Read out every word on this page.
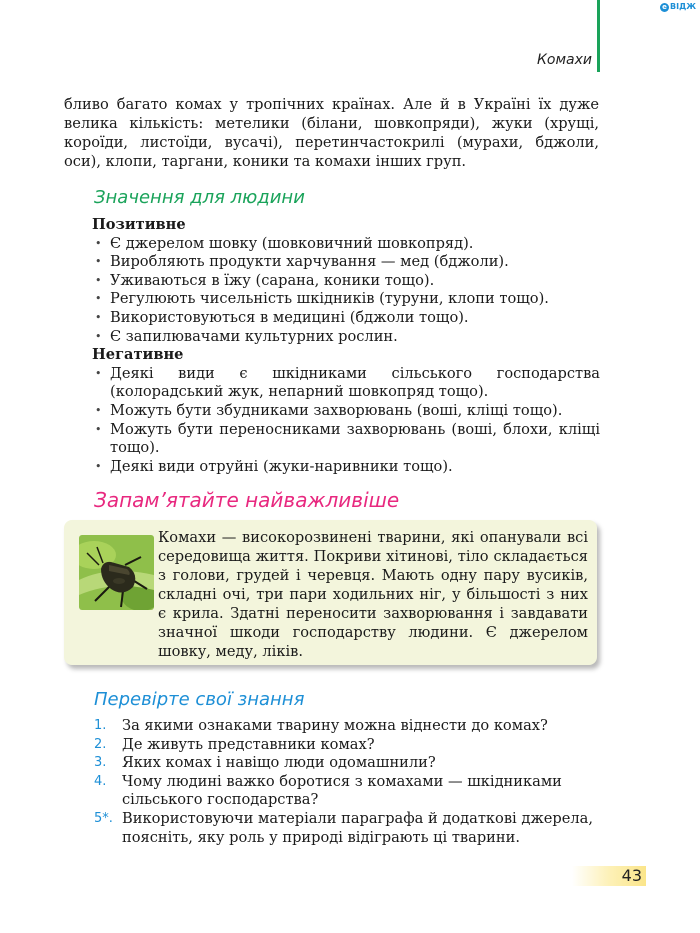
e ВІДЖ
Комахи

бливо багато комах у тропічних країнах. Але й в Україні їх дуже велика кількість: метелики (білани, шовкопряди), жуки (хрущі, короїди, листоїди, вусачі), перетинчастокрилі (мурахи, бджоли, оси), клопи, таргани, коники та комахи інших груп.

Значення для людини
Позитивне
• Є джерелом шовку (шовковичний шовкопряд).
• Виробляють продукти харчування — мед (бджоли).
• Уживаються в їжу (сарана, коники тощо).
• Регулюють чисельність шкідників (туруни, клопи тощо).
• Використовуються в медицині (бджоли тощо).
• Є запилювачами культурних рослин.
Негативне
• Деякі види є шкідниками сільського господарства (колорадський жук, непарний шовкопряд тощо).
• Можуть бути збудниками захворювань (воші, кліщі тощо).
• Можуть бути переносниками захворювань (воші, блохи, кліщі тощо).
• Деякі види отруйні (жуки-наривники тощо).
Запам’ятайте найважливіше

Комахи — високорозвинені тварини, які опанували всі середовища життя. Покриви хітинові, тіло складається з голови, грудей і черевця. Мають одну пару вусиків, складні очі, три пари ходильних ніг, у більшості з них є крила. Здатні переносити захворювання і завдавати значної шкоди господарству людини. Є джерелом шовку, меду, ліків.

Перевірте свої знання
1. За якими ознаками тварину можна віднести до комах?
2. Де живуть представники комах?
3. Яких комах і навіщо люди одомашнили?
4. Чому людині важко боротися з комахами — шкідниками сільського господарства?
5*. Використовуючи матеріали параграфа й додаткові джерела, поясніть, яку роль у природі відіграють ці тварини.
43
